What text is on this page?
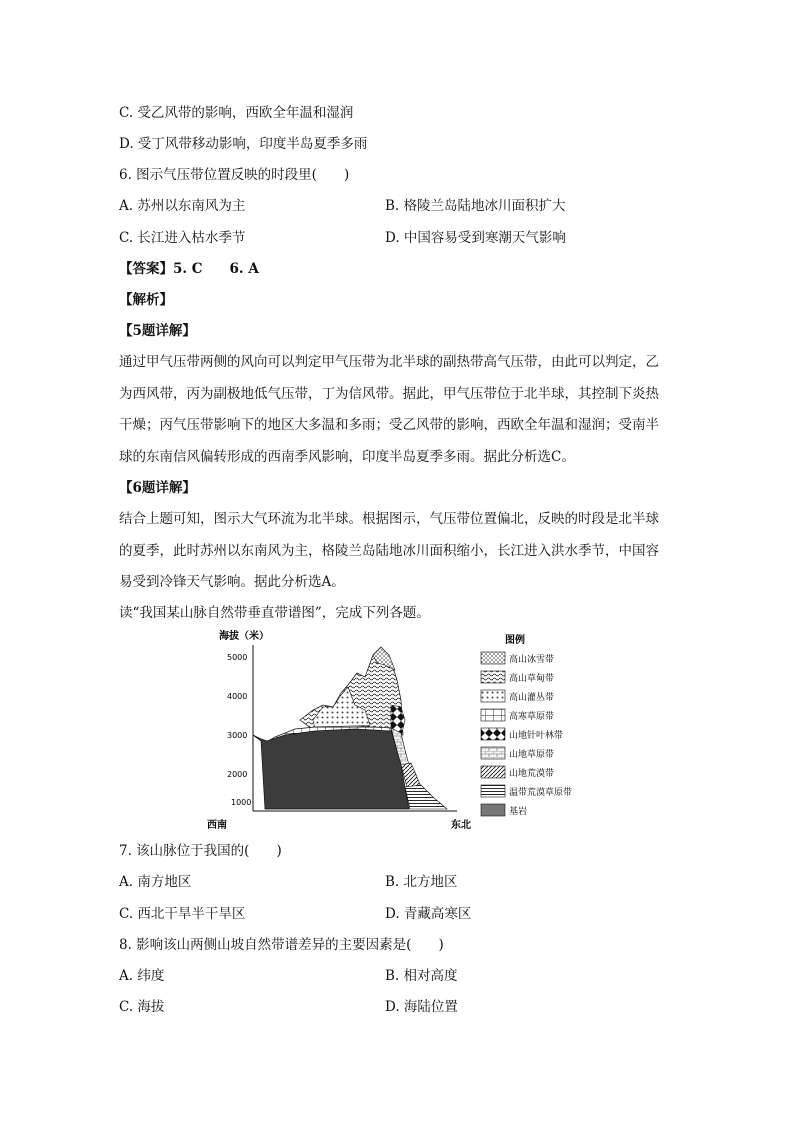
C. 受乙风带的影响，西欧全年温和湿润
D. 受丁风带移动影响，印度半岛夏季多雨
6. 图示气压带位置反映的时段里(　　)
A. 苏州以东南风为主	B. 格陵兰岛陆地冰川面积扩大
C. 长江进入枯水季节	D. 中国容易受到寒潮天气影响
【答案】5. C　　6. A
【解析】
【5题详解】
通过甲气压带两侧的风向可以判定甲气压带为北半球的副热带高气压带，由此可以判定，乙
为西风带，丙为副极地低气压带，丁为信风带。据此，甲气压带位于北半球，其控制下炎热
干燥；丙气压带影响下的地区大多温和多雨；受乙风带的影响，西欧全年温和湿润；受南半
球的东南信风偏转形成的西南季风影响，印度半岛夏季多雨。据此分析选C。
【6题详解】
结合上题可知，图示大气环流为北半球。根据图示，气压带位置偏北，反映的时段是北半球
的夏季，此时苏州以东南风为主，格陵兰岛陆地冰川面积缩小，长江进入洪水季节，中国容
易受到冷锋天气影响。据此分析选A。
读“我国某山脉自然带垂直带谱图”，完成下列各题。
海拔（米）
5000
4000
3000
2000
1000
西南	东北
图例
高山冰雪带
高山草甸带
高山灌丛带
高寒草原带
山地针叶林带
山地草原带
山地荒漠带
温带荒漠草原带
基岩
7. 该山脉位于我国的(　　)
A. 南方地区	B. 北方地区
C. 西北干旱半干旱区	D. 青藏高寒区
8. 影响该山两侧山坡自然带谱差异的主要因素是(　　)
A. 纬度	B. 相对高度
C. 海拔	D. 海陆位置
